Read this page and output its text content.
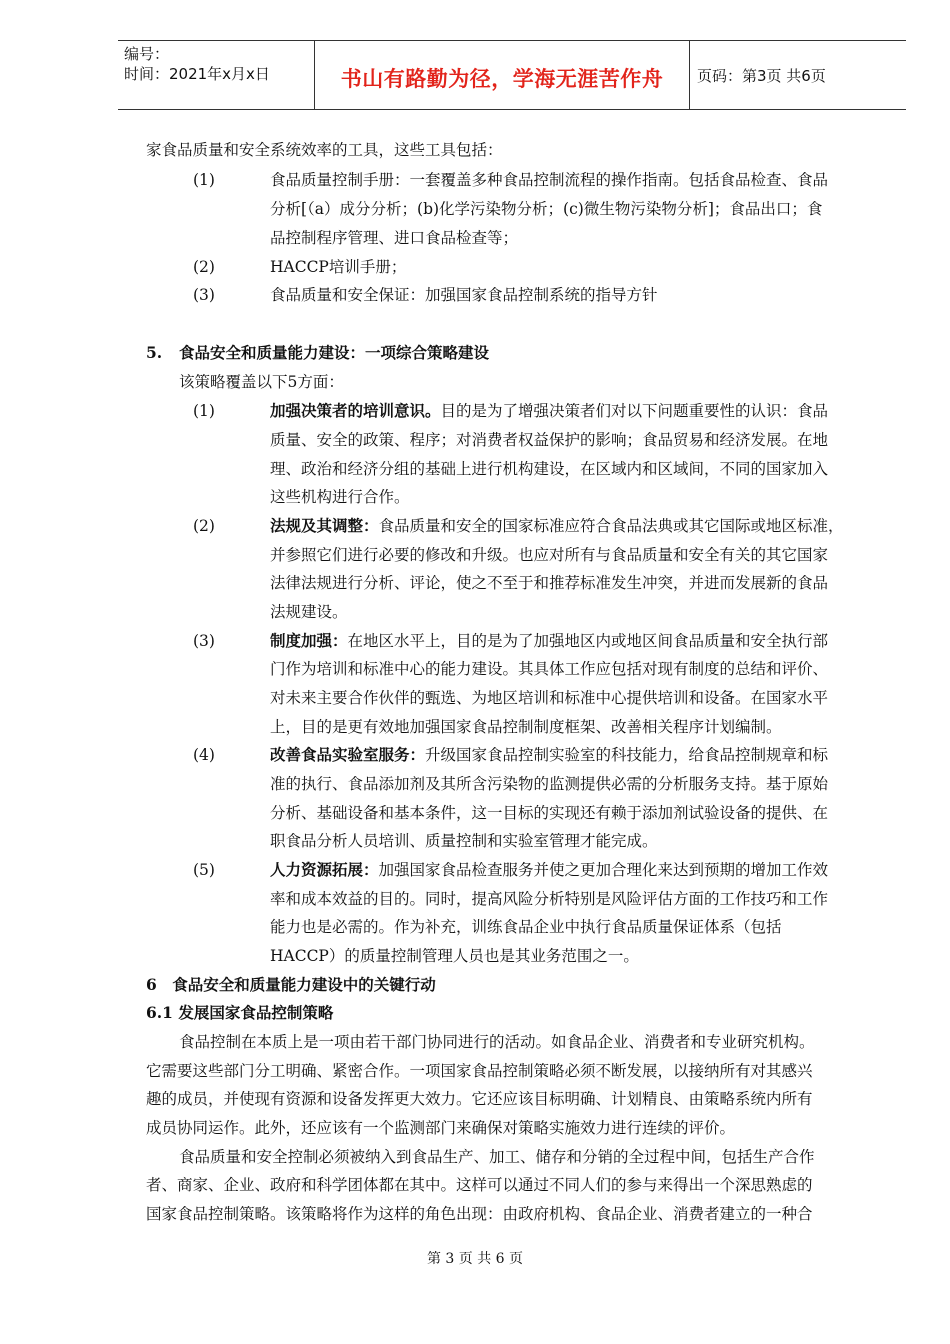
编号：
时间：2021年x月x日	书山有路勤为径，学海无涯苦作舟	页码：第3页 共6页
家食品质量和安全系统效率的工具，这些工具包括：
(1)	食品质量控制手册：一套覆盖多种食品控制流程的操作指南。包括食品检查、食品
分析[（a）成分分析；(b)化学污染物分析；(c)微生物污染物分析]；食品出口；食
品控制程序管理、进口食品检查等；
(2)	HACCP培训手册；
(3)	食品质量和安全保证：加强国家食品控制系统的指导方针
5. 食品安全和质量能力建设：一项综合策略建设
该策略覆盖以下5方面：
(1)	加强决策者的培训意识。目的是为了增强决策者们对以下问题重要性的认识：食品
质量、安全的政策、程序；对消费者权益保护的影响；食品贸易和经济发展。在地
理、政治和经济分组的基础上进行机构建设，在区域内和区域间，不同的国家加入
这些机构进行合作。
(2)	法规及其调整：食品质量和安全的国家标准应符合食品法典或其它国际或地区标准，
并参照它们进行必要的修改和升级。也应对所有与食品质量和安全有关的其它国家
法律法规进行分析、评论，使之不至于和推荐标准发生冲突，并进而发展新的食品
法规建设。
(3)	制度加强：在地区水平上，目的是为了加强地区内或地区间食品质量和安全执行部
门作为培训和标准中心的能力建设。其具体工作应包括对现有制度的总结和评价、
对未来主要合作伙伴的甄选、为地区培训和标准中心提供培训和设备。在国家水平
上，目的是更有效地加强国家食品控制制度框架、改善相关程序计划编制。
(4)	改善食品实验室服务：升级国家食品控制实验室的科技能力，给食品控制规章和标
准的执行、食品添加剂及其所含污染物的监测提供必需的分析服务支持。基于原始
分析、基础设备和基本条件，这一目标的实现还有赖于添加剂试验设备的提供、在
职食品分析人员培训、质量控制和实验室管理才能完成。
(5)	人力资源拓展：加强国家食品检查服务并使之更加合理化来达到预期的增加工作效
率和成本效益的目的。同时，提高风险分析特别是风险评估方面的工作技巧和工作
能力也是必需的。作为补充，训练食品企业中执行食品质量保证体系（包括
HACCP）的质量控制管理人员也是其业务范围之一。
6　食品安全和质量能力建设中的关键行动
6.1 发展国家食品控制策略
食品控制在本质上是一项由若干部门协同进行的活动。如食品企业、消费者和专业研究机构。
它需要这些部门分工明确、紧密合作。一项国家食品控制策略必须不断发展，以接纳所有对其感兴
趣的成员，并使现有资源和设备发挥更大效力。它还应该目标明确、计划精良、由策略系统内所有
成员协同运作。此外，还应该有一个监测部门来确保对策略实施效力进行连续的评价。
食品质量和安全控制必须被纳入到食品生产、加工、储存和分销的全过程中间，包括生产合作
者、商家、企业、政府和科学团体都在其中。这样可以通过不同人们的参与来得出一个深思熟虑的
国家食品控制策略。该策略将作为这样的角色出现：由政府机构、食品企业、消费者建立的一种合
第 3 页 共 6 页
